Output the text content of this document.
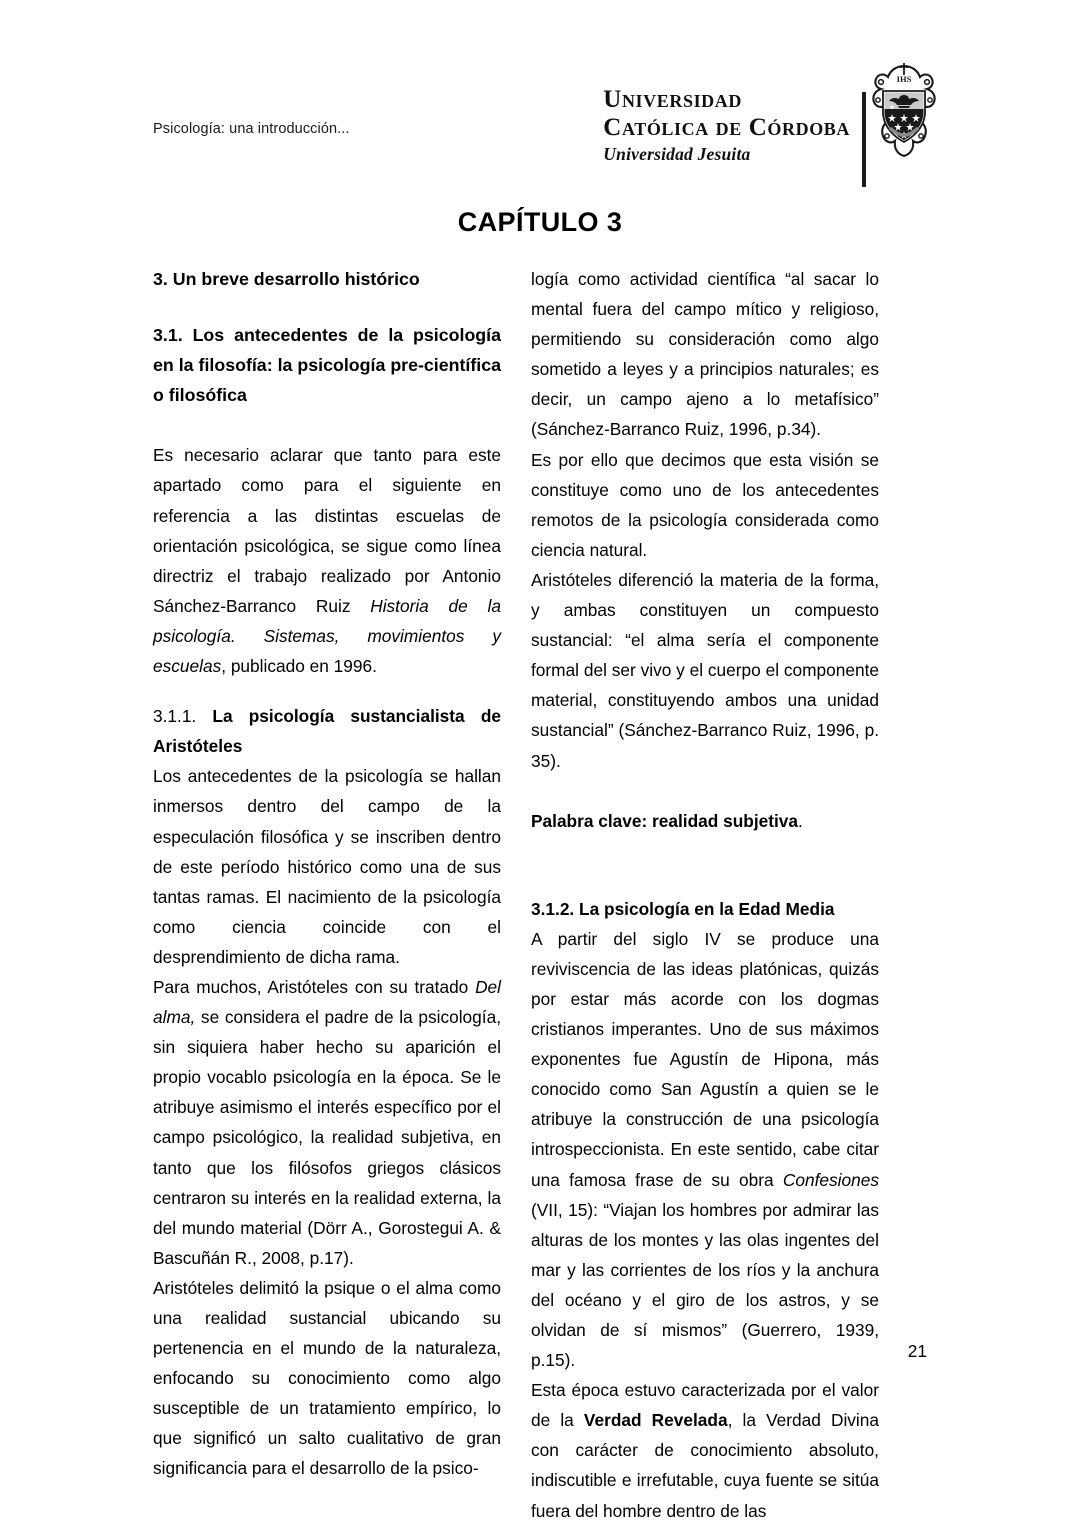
Psicología: una introducción...
Universidad
Católica de Córdoba
Universidad Jesuita
IHS
CAPÍTULO 3
3. Un breve desarrollo histórico
3.1. Los antecedentes de la psicología en la filosofía: la psicología pre-científica o filosófica

Es necesario aclarar que tanto para este apartado como para el siguiente en referencia a las distintas escuelas de orientación psicológica, se sigue como línea directriz el trabajo realizado por Antonio Sánchez-Barranco Ruiz Historia de la psicología. Sistemas, movimientos y escuelas, publicado en 1996.

3.1.1. La psicología sustancialista de Aristóteles

Los antecedentes de la psicología se hallan inmersos dentro del campo de la especulación filosófica y se inscriben dentro de este período histórico como una de sus tantas ramas. El nacimiento de la psicología como ciencia coincide con el desprendimiento de dicha rama.

Para muchos, Aristóteles con su tratado Del alma, se considera el padre de la psicología, sin siquiera haber hecho su aparición el propio vocablo psicología en la época. Se le atribuye asimismo el interés específico por el campo psicológico, la realidad subjetiva, en tanto que los filósofos griegos clásicos centraron su interés en la realidad externa, la del mundo material (Dörr A., Gorostegui A. & Bascuñán R., 2008, p.17).

Aristóteles delimitó la psique o el alma como una realidad sustancial ubicando su pertenencia en el mundo de la naturaleza, enfocando su conocimiento como algo susceptible de un tratamiento empírico, lo que significó un salto cualitativo de gran significancia para el desarrollo de la psico-

logía como actividad científica “al sacar lo mental fuera del campo mítico y religioso, permitiendo su consideración como algo sometido a leyes y a principios naturales; es decir, un campo ajeno a lo metafísico” (Sánchez-Barranco Ruiz, 1996, p.34).

Es por ello que decimos que esta visión se constituye como uno de los antecedentes remotos de la psicología considerada como ciencia natural.

Aristóteles diferenció la materia de la forma, y ambas constituyen un compuesto sustancial: “el alma sería el componente formal del ser vivo y el cuerpo el componente material, constituyendo ambos una unidad sustancial” (Sánchez-Barranco Ruiz, 1996, p. 35).

Palabra clave: realidad subjetiva.

3.1.2. La psicología en la Edad Media

A partir del siglo IV se produce una reviviscencia de las ideas platónicas, quizás por estar más acorde con los dogmas cristianos imperantes. Uno de sus máximos exponentes fue Agustín de Hipona, más conocido como San Agustín a quien se le atribuye la construcción de una psicología introspeccionista. En este sentido, cabe citar una famosa frase de su obra Confesiones (VII, 15): “Viajan los hombres por admirar las alturas de los montes y las olas ingentes del mar y las corrientes de los ríos y la anchura del océano y el giro de los astros, y se olvidan de sí mismos” (Guerrero, 1939, p.15).

Esta época estuvo caracterizada por el valor de la Verdad Revelada, la Verdad Divina con carácter de conocimiento absoluto, indiscutible e irrefutable, cuya fuente se sitúa fuera del hombre dentro de las

21
